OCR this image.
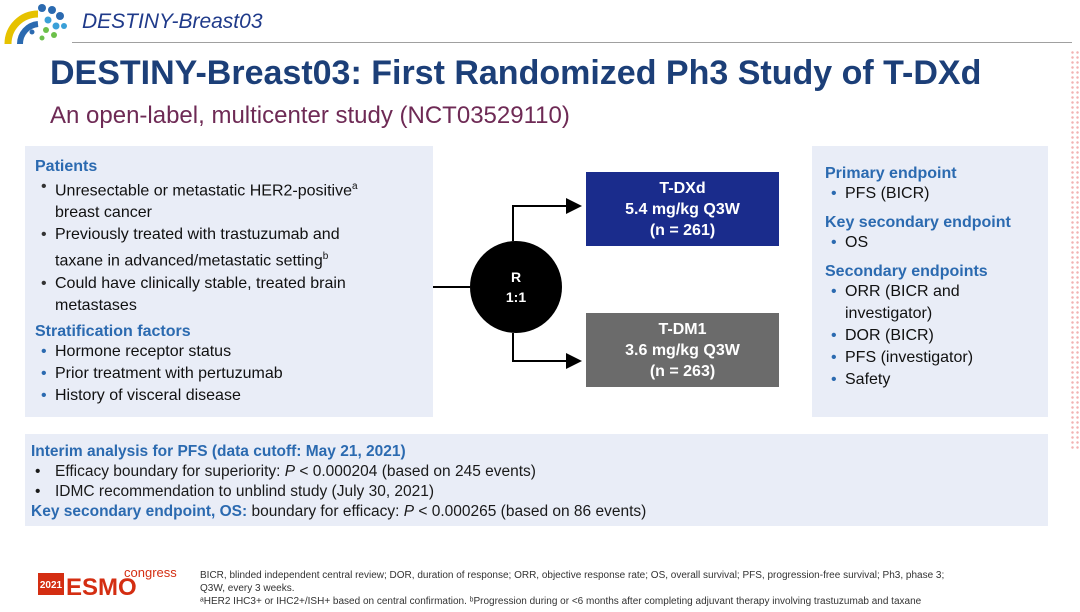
DESTINY-Breast03
DESTINY-Breast03: First Randomized Ph3 Study of T-DXd
An open-label, multicenter study (NCT03529110)
Patients
• Unresectable or metastatic HER2-positive$^a$
breast cancer
• Previously treated with trastuzumab and
taxane in advanced/metastatic setting$^b$
• Could have clinically stable, treated brain
metastases
Stratification factors
• Hormone receptor status
• Prior treatment with pertuzumab
• History of visceral disease
R
1:1
T-DXd
5.4 mg/kg Q3W
(n = 261)
T-DM1
3.6 mg/kg Q3W
(n = 263)
Primary endpoint
• PFS (BICR)
Key secondary endpoint
• OS
Secondary endpoints
• ORR (BICR and
investigator)
• DOR (BICR)
• PFS (investigator)
• Safety
Interim analysis for PFS (data cutoff: May 21, 2021)
• Efficacy boundary for superiority: P < 0.000204 (based on 245 events)
• IDMC recommendation to unblind study (July 30, 2021)
Key secondary endpoint, OS: boundary for efficacy: P < 0.000265 (based on 86 events)
2021 ESMO
congress BICR, blinded independent central review; DOR, duration of response; ORR, objective response rate; OS, overall survival; PFS, progression-free survival; Ph3, phase 3;
Q3W, every 3 weeks.
ᵃHER2 IHC3+ or IHC2+/ISH+ based on central confirmation. ᵇProgression during or <6 months after completing adjuvant therapy involving trastuzumab and taxane
